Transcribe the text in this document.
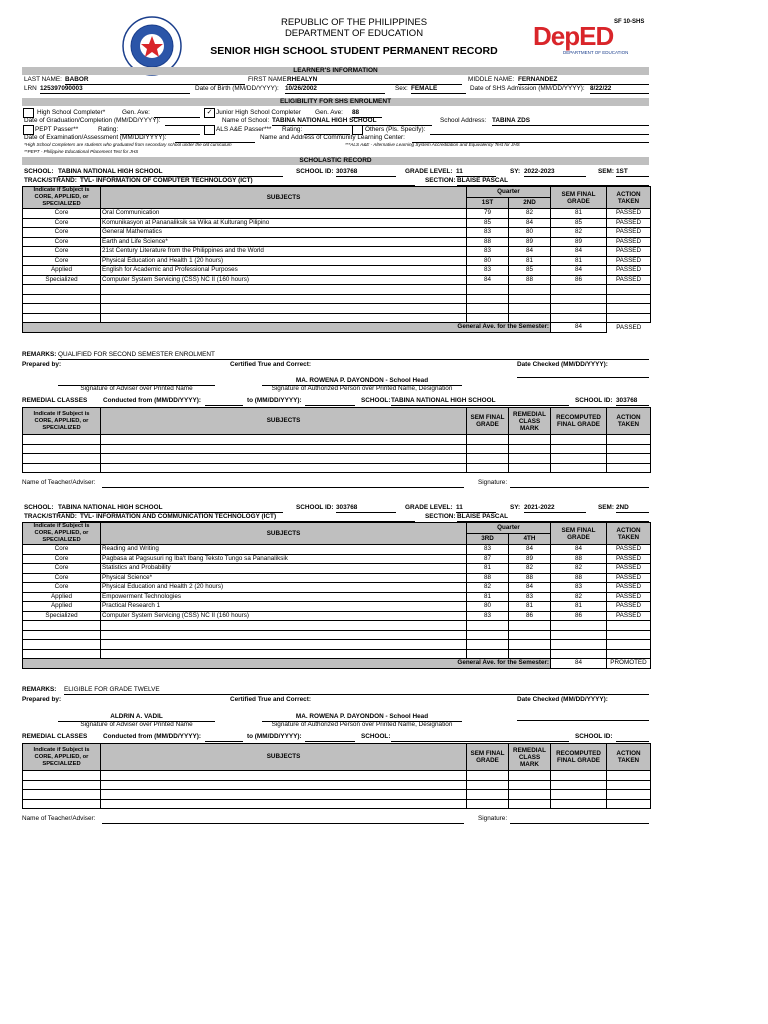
SF 10-SHS
REPUBLIC OF THE PHILIPPINES
DEPARTMENT OF EDUCATION
SENIOR HIGH SCHOOL STUDENT PERMANENT RECORD	DepED
DEPARTMENT OF EDUCATION
LEARNER'S INFORMATION
LAST NAME: BABOR	FIRST NAME:
RHEALYN	MIDDLE NAME: FERNANDEZ
LRN 125397090003	Date of Birth (MM/DD/YYYY): 10/26/2002	Sex: FEMALE	Date of SHS Admission (MM/DD/YYYY): 8/22/22
ELIGIBILITY FOR SHS ENROLMENT
High School Completer*	Gen. Ave:	✓ Junior High School Completer Gen. Ave: 88
Date of Graduation/Completion (MM/DD/YYYY):	Name of School: TABINA NATIONAL HIGH SCHOOL	School Address: TABINA ZDS
PEPT Passer**	Rating:	ALS A&E Passer*** Rating:	Others (Pls. Specify):
Date of Examination/Assessment (MM/DD/YYYY):	Name and Address of Community Learning Center:
*High School Completers are students who graduated from secondary school under the old curriculum	***ALS A&E - Alternative Learning System Accreditation and Equivalency Test for JHS
**PEPT - Philippine Educational Placement Test for JHS
SCHOLASTIC RECORD
SCHOOL: TABINA NATIONAL HIGH SCHOOL	SCHOOL ID: 303768	GRADE LEVEL: 11	SY: 2022-2023	SEM: 1ST
TRACK/STRAND: TVL- INFORMATION OF COMPUTER TECHNOLOGY (ICT)	SECTION: BLAISE PASCAL
Indicate if Subject is CORE, APPLIED, or SPECIALIZED	SUBJECTS	Quarter		SEM FINAL GRADE	ACTION TAKEN
		1ST	2ND		
Core	Oral Communication	79	82	81	PASSED
Core	Komunikasyon at Pananaliksik sa Wika at Kulturang Pilipino	85	84	85	PASSED
Core	General Mathematics	83	80	82	PASSED
Core	Earth and Life Science*	88	89	89	PASSED
Core	21st Century Literature from the Philippines and the World	83	84	84	PASSED
Core	Physical Education and Health 1 (20 hours)	80	81	81	PASSED
Applied	English for Academic and Professional Purposes	83	85	84	PASSED
Specialized	Computer System Servicing (CSS) NC II (160 hours)	84	88	86	PASSED

General Ave. for the Semester:				84	PASSED
REMARKS: QUALIFIED FOR SECOND SEMESTER ENROLMENT
Prepared by:	Certified True and Correct:	Date Checked (MM/DD/YYYY):
MA. ROWENA P. DAYONDON - School Head
Signature of Adviser over Printed Name	Signature of Authorized Person over Printed Name, Designation
REMEDIAL CLASSES Conducted from (MM/DD/YYYY):	to (MM/DD/YYYY):	SCHOOL: TABINA NATIONAL HIGH SCHOOL	SCHOOL ID: 303768
Indicate if Subject is CORE, APPLIED, or SPECIALIZED	SUBJECTS	SEM FINAL GRADE	REMEDIAL CLASS MARK	RECOMPUTED FINAL GRADE	ACTION TAKEN

Name of Teacher/Adviser:	Signature:
SCHOOL: TABINA NATIONAL HIGH SCHOOL	SCHOOL ID: 303768	GRADE LEVEL: 11	SY: 2021-2022	SEM: 2ND
TRACK/STRAND: TVL- INFORMATION AND COMMUNICATION TECHNOLOGY (ICT)	SECTION: BLAISE PASCAL
Indicate if Subject is CORE, APPLIED, or SPECIALIZED	SUBJECTS	Quarter		SEM FINAL GRADE	ACTION TAKEN
		3RD	4TH		
Core	Reading and Writing	83	84	84	PASSED
Core	Pagbasa at Pagsusuri ng Iba't Ibang Teksto Tungo sa Pananaliksik	87	89	88	PASSED
Core	Statistics and Probability	81	82	82	PASSED
Core	Physical Science*	88	88	88	PASSED
Core	Physical Education and Health 2 (20 hours)	82	84	83	PASSED
Applied	Empowerment Technologies	81	83	82	PASSED
Applied	Practical Research 1	80	81	81	PASSED
Specialized	Computer System Servicing (CSS) NC II (160 hours)	83	86	86	PASSED

General Ave. for the Semester:				84	PROMOTED
REMARKS: ELIGIBLE FOR GRADE TWELVE
Prepared by:	Certified True and Correct:	Date Checked (MM/DD/YYYY):
ALDRIN A. VADIL	MA. ROWENA P. DAYONDON - School Head
Signature of Adviser over Printed Name	Signature of Authorized Person over Printed Name, Designation
REMEDIAL CLASSES Conducted from (MM/DD/YYYY):	to (MM/DD/YYYY):	SCHOOL:	SCHOOL ID:
Indicate if Subject is CORE, APPLIED, or SPECIALIZED	SUBJECTS	SEM FINAL GRADE	REMEDIAL CLASS MARK	RECOMPUTED FINAL GRADE	ACTION TAKEN

Name of Teacher/Adviser:	Signature:
